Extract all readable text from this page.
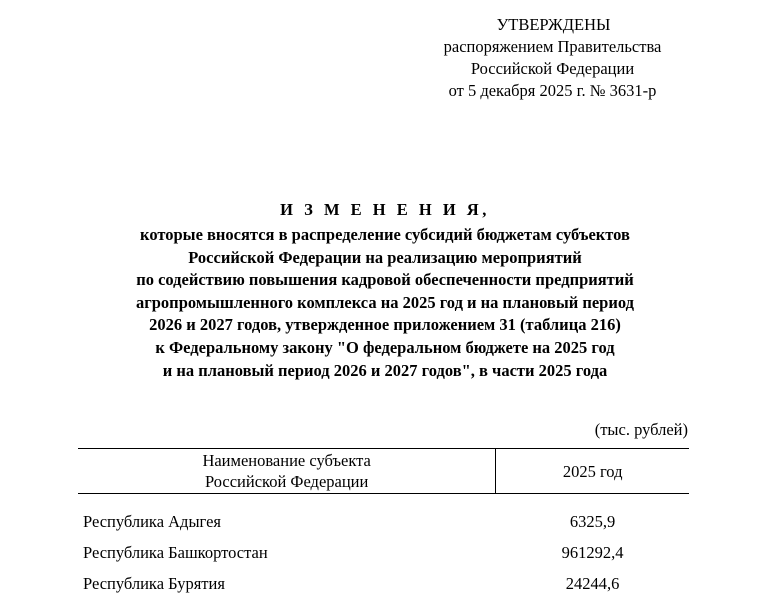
УТВЕРЖДЕНЫ
распоряжением Правительства
Российской Федерации
от 5 декабря 2025 г. № 3631-р
И З М Е Н Е Н И Я,
которые вносятся в распределение субсидий бюджетам субъектов
Российской Федерации на реализацию мероприятий
по содействию повышения кадровой обеспеченности предприятий
агропромышленного комплекса на 2025 год и на плановый период
2026 и 2027 годов, утвержденное приложением 31 (таблица 216)
к Федеральному закону "О федеральном бюджете на 2025 год
и на плановый период 2026 и 2027 годов", в части 2025 года
(тыс. рублей)
Наименование субъекта
Российской Федерации
	2025 год
Республика Адыгея	6325,9
Республика Башкортостан	961292,4
Республика Бурятия	24244,6
